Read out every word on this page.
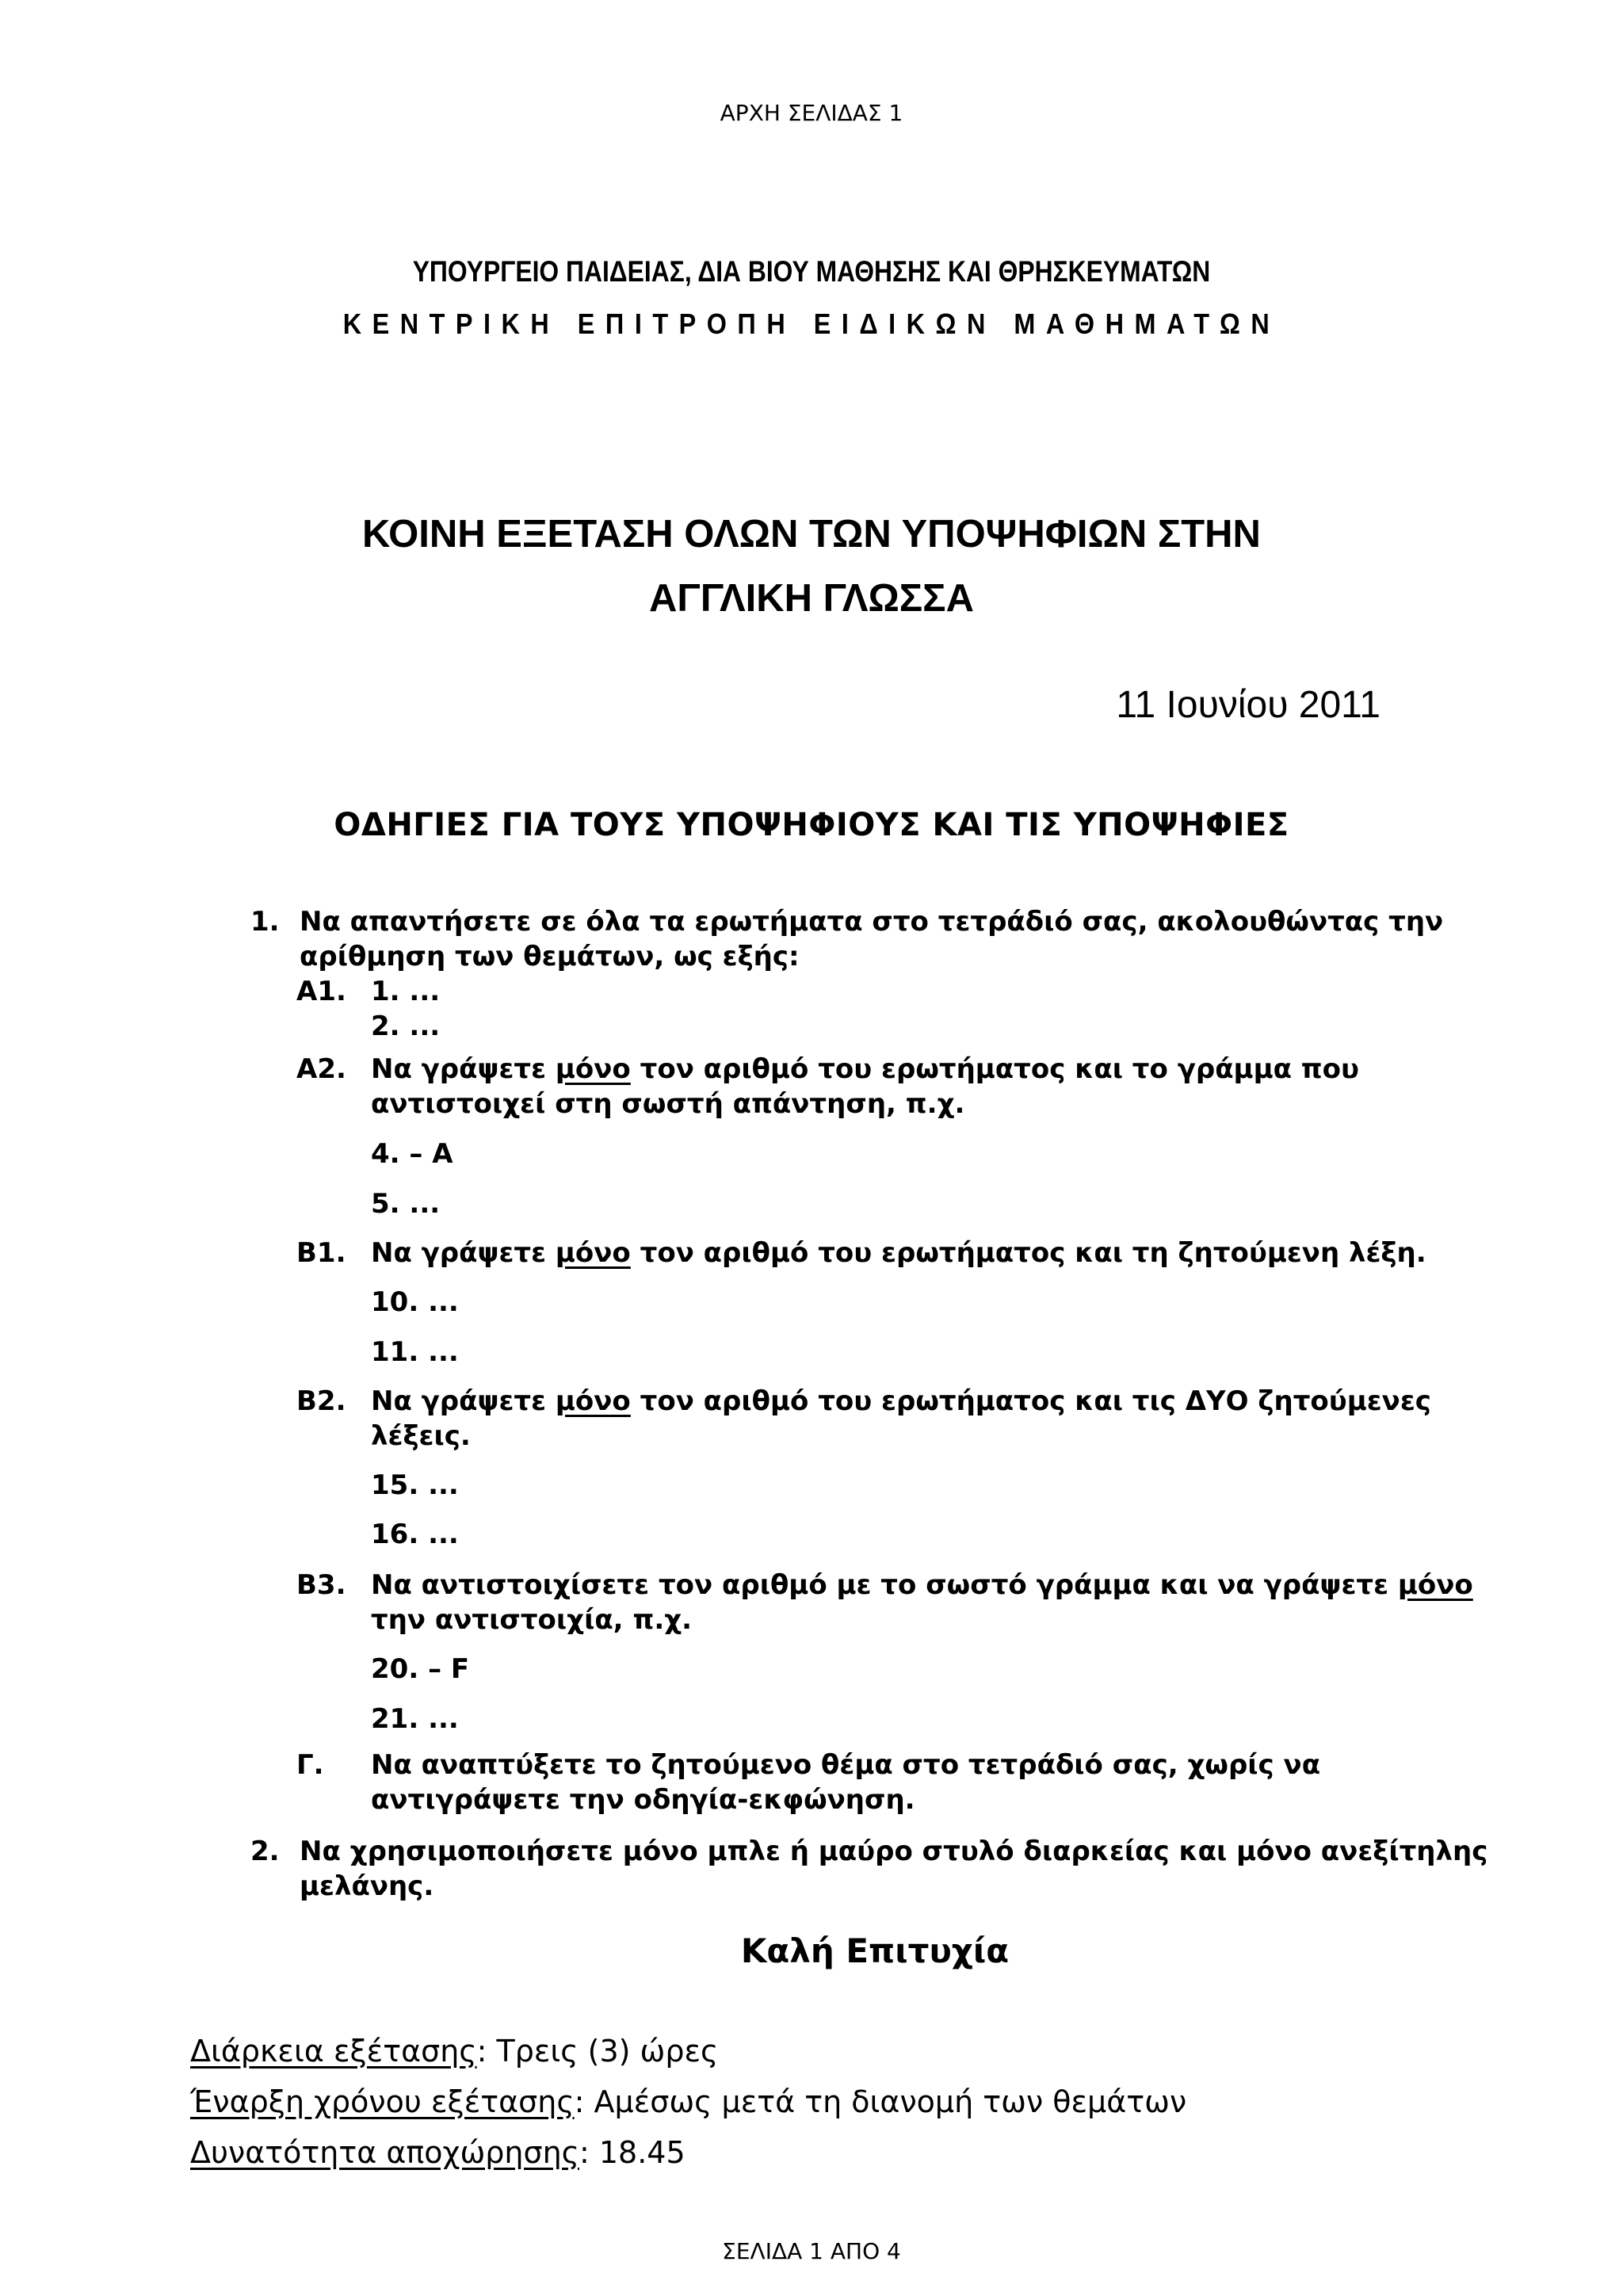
ΑΡΧΗ ΣΕΛΙΔΑΣ 1
ΥΠΟΥΡΓΕΙΟ ΠΑΙΔΕΙΑΣ, ΔΙΑ ΒΙΟΥ ΜΑΘΗΣΗΣ ΚΑΙ ΘΡΗΣΚΕΥΜΑΤΩΝ
ΚΕΝΤΡΙΚΗ ΕΠΙΤΡΟΠΗ ΕΙΔΙΚΩΝ ΜΑΘΗΜΑΤΩΝ
ΚΟΙΝΗ ΕΞΕΤΑΣΗ ΟΛΩΝ ΤΩΝ ΥΠΟΨΗΦΙΩΝ ΣΤΗΝ
ΑΓΓΛΙΚΗ ΓΛΩΣΣΑ
11 Ιουνίου 2011
ΟΔΗΓΙΕΣ ΓΙΑ ΤΟΥΣ ΥΠΟΨΗΦΙΟΥΣ ΚΑΙ ΤΙΣ ΥΠΟΨΗΦΙΕΣ
1. Να απαντήσετε σε όλα τα ερωτήματα στο τετράδιό σας, ακολουθώντας την
αρίθμηση των θεμάτων, ως εξής:
Α1. 1. ...
2. ...
Α2. Να γράψετε μόνο τον αριθμό του ερωτήματος και το γράμμα που
αντιστοιχεί στη σωστή απάντηση, π.χ.
4. – A
5. ...
Β1. Να γράψετε μόνο τον αριθμό του ερωτήματος και τη ζητούμενη λέξη.
10. ...
11. ...
Β2. Να γράψετε μόνο τον αριθμό του ερωτήματος και τις ΔΥΟ ζητούμενες
λέξεις.
15. ...
16. ...
Β3. Να αντιστοιχίσετε τον αριθμό με το σωστό γράμμα και να γράψετε μόνο
την αντιστοιχία, π.χ.
20. – F
21. ...
Γ. Να αναπτύξετε το ζητούμενο θέμα στο τετράδιό σας, χωρίς να
αντιγράψετε την οδηγία-εκφώνηση.
2. Να χρησιμοποιήσετε μόνο μπλε ή μαύρο στυλό διαρκείας και μόνο ανεξίτηλης
μελάνης.
Καλή Επιτυχία
Διάρκεια εξέτασης: Τρεις (3) ώρες
Έναρξη χρόνου εξέτασης: Αμέσως μετά τη διανομή των θεμάτων
Δυνατότητα αποχώρησης: 18.45
ΣΕΛΙΔΑ 1 ΑΠΟ 4
